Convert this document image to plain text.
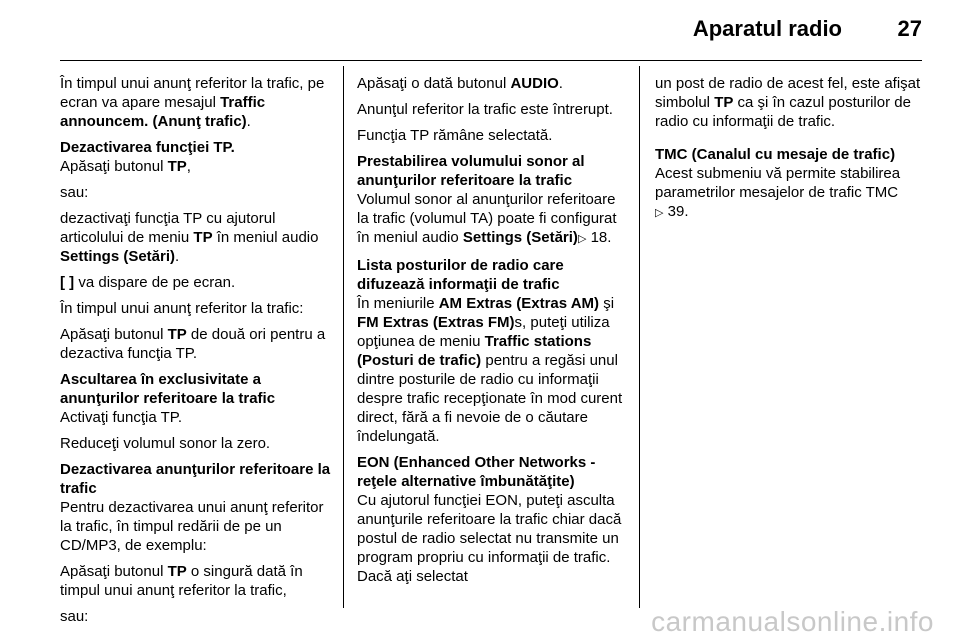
Aparatul radio	27

În timpul unui anunţ referitor la trafic, pe ecran va apare mesajul Traffic announcem. (Anunţ trafic).

Dezactivarea funcţiei TP.

Apăsaţi butonul TP,

sau:

dezactivaţi funcţia TP cu ajutorul articolului de meniu TP în meniul audio Settings (Setări).

[ ] va dispare de pe ecran.

În timpul unui anunţ referitor la trafic:

Apăsaţi butonul TP de două ori pentru a dezactiva funcţia TP.

Ascultarea în exclusivitate a anunţurilor referitoare la trafic

Activaţi funcţia TP.

Reduceţi volumul sonor la zero.

Dezactivarea anunţurilor referitoare la trafic

Pentru dezactivarea unui anunţ referitor la trafic, în timpul redării de pe un CD/MP3, de exemplu:

Apăsaţi butonul TP o singură dată în timpul unui anunţ referitor la trafic,

sau:

Apăsaţi o dată butonul AUDIO.

Anunţul referitor la trafic este întrerupt.

Funcţia TP rămâne selectată.

Prestabilirea volumului sonor al anunţurilor referitoare la trafic

Volumul sonor al anunţurilor referitoare la trafic (volumul TA) poate fi configurat în meniul audio Settings (Setări)▷ 18.

Lista posturilor de radio care difuzează informaţii de trafic

În meniurile AM Extras (Extras AM) şi FM Extras (Extras FM)s, puteţi utiliza opţiunea de meniu Traffic stations (Posturi de trafic) pentru a regăsi unul dintre posturile de radio cu informaţii despre trafic recepţionate în mod curent direct, fără a fi nevoie de o căutare îndelungată.

EON (Enhanced Other Networks - reţele alternative îmbunătăţite)

Cu ajutorul funcţiei EON, puteţi asculta anunţurile referitoare la trafic chiar dacă postul de radio selectat nu transmite un program propriu cu informaţii de trafic. Dacă aţi selectat

un post de radio de acest fel, este afişat simbolul TP ca şi în cazul posturilor de radio cu informaţii de trafic.

TMC (Canalul cu mesaje de trafic)

Acest submeniu vă permite stabilirea parametrilor mesajelor de trafic TMC
▷ 39.

carmanualsonline.info
